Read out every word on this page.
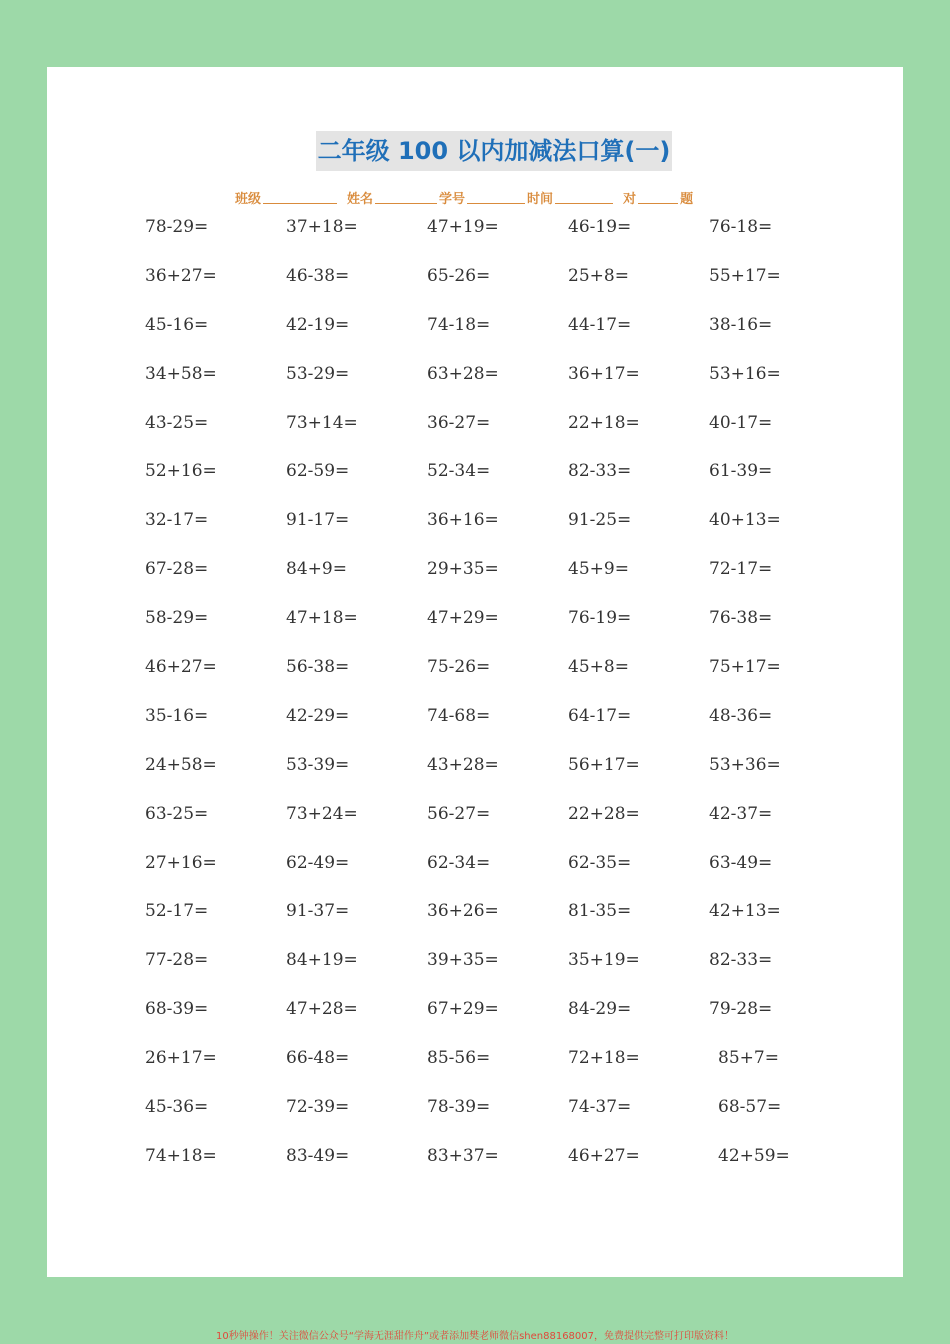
二年级 100 以内加减法口算(一)
班级	姓名	学号	时间	对	题
78-29=	37+18=	47+19=	46-19=	76-18=
36+27=	46-38=	65-26=	25+8=	55+17=
45-16=	42-19=	74-18=	44-17=	38-16=
34+58=	53-29=	63+28=	36+17=	53+16=
43-25=	73+14=	36-27=	22+18=	40-17=
52+16=	62-59=	52-34=	82-33=	61-39=
32-17=	91-17=	36+16=	91-25=	40+13=
67-28=	84+9=	29+35=	45+9=	72-17=
58-29=	47+18=	47+29=	76-19=	76-38=
46+27=	56-38=	75-26=	45+8=	75+17=
35-16=	42-29=	74-68=	64-17=	48-36=
24+58=	53-39=	43+28=	56+17=	53+36=
63-25=	73+24=	56-27=	22+28=	42-37=
27+16=	62-49=	62-34=	62-35=	63-49=
52-17=	91-37=	36+26=	81-35=	42+13=
77-28=	84+19=	39+35=	35+19=	82-33=
68-39=	47+28=	67+29=	84-29=	79-28=
26+17=	66-48=	85-56=	72+18=	85+7=
45-36=	72-39=	78-39=	74-37=	68-57=
74+18=	83-49=	83+37=	46+27=	42+59=
10秒钟操作！关注微信公众号“学海无涯甜作舟”或者添加樊老师微信shen88168007，免费提供完整可打印版资料！
